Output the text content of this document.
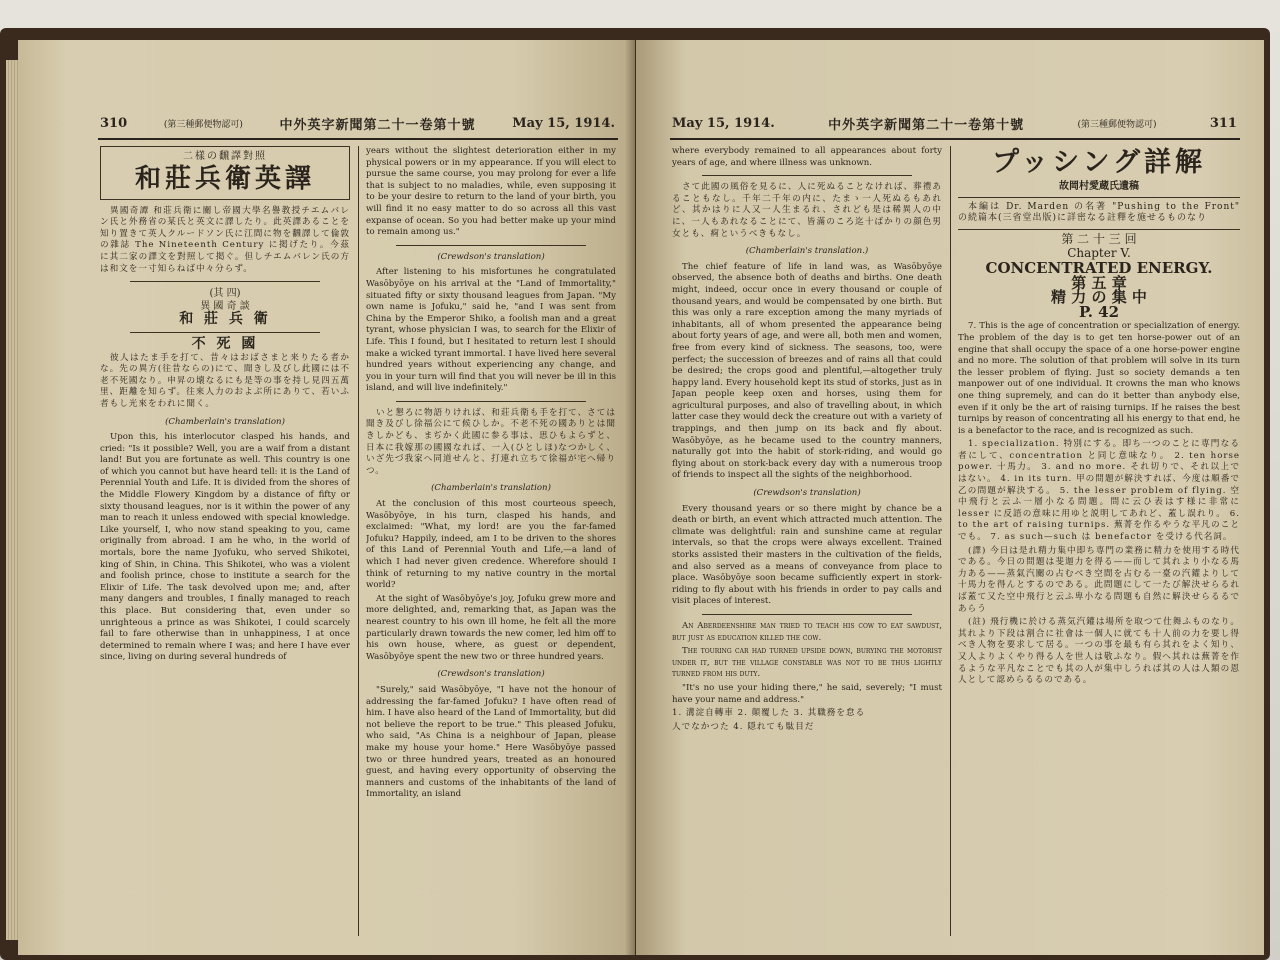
310	(第三種郵便物認可)	中外英字新聞第二十一卷第十號	May 15, 1914.
二樣の飜譯對照
和莊兵衛英譯

異國奇譚 和莊兵衛に關し帝國大學名譽教授チエムバレン氏と外務省の某氏と英文に譯したり。此英譯あることを知り置きて英人クルードソン氏に江間に物を飜譯して倫敦の雜誌 The Nineteenth Century に掲げたり。今茲に其二家の譯文を對照して掲ぐ。但しチエムバレン氏の方は和文を一寸知らねば中々分らず。

(其 四)

異 國 奇 談

和 莊 兵 衛

不 死 國

彼人はたま手を打て、昔々はおばさまと来りたる者かな。先の異方(往昔ならの)にて、聞きし及びし此國には不老不死國なり。申昇の壊なるにも是等の事を持し見四五萬里、距離を知らず。往來人力のおよぶ所にありて、若いふ者もし光來をわれに聞く。

(Chamberlain's translation)

Upon this, his interlocutor clasped his hands, and cried: "Is it possible? Well, you are a waif from a distant land! But you are fortunate as well. This country is one of which you cannot but have heard tell: it is the Land of Perennial Youth and Life. It is divided from the shores of the Middle Flowery Kingdom by a distance of fifty or sixty thousand leagues, nor is it within the power of any man to reach it unless endowed with special knowledge. Like yourself, I, who now stand speaking to you, came originally from abroad. I am he who, in the world of mortals, bore the name Jyofuku, who served Shikotei, king of Shin, in China. This Shikotei, who was a violent and foolish prince, chose to institute a search for the Elixir of Life. The task devolved upon me; and, after many dangers and troubles, I finally managed to reach this place. But considering that, even under so unrighteous a prince as was Shikotei, I could scarcely fail to fare otherwise than in unhappiness, I at once determined to remain where I was; and here I have ever since, living on during several hundreds of

years without the slightest deterioration either in my physical powers or in my appearance. If you will elect to pursue the same course, you may prolong for ever a life that is subject to no maladies, while, even supposing it to be your desire to return to the land of your birth, you will find it no easy matter to do so across all this vast expanse of ocean. So you had better make up your mind to remain among us."

(Crewdson's translation)

After listening to his misfortunes he congratulated Wasōbyōye on his arrival at the "Land of Immortality," situated fifty or sixty thousand leagues from Japan. "My own name is Jofuku," said he, "and I was sent from China by the Emperor Shiko, a foolish man and a great tyrant, whose physician I was, to search for the Elixir of Life. This I found, but I hesitated to return lest I should make a wicked tyrant immortal. I have lived here several hundred years without experiencing any change, and you in your turn will find that you will never be ill in this island, and will live indefinitely."

いと懇ろに物語りければ、和莊兵衛も手を打て、さては聞き及びし徐福公にて候ひしか。不老不死の國ありとは聞きしかども、まぢかく此國に参る事は、思ひもよらずと、日本に我嫁那の國國なれば、一入(ひとしほ)なつかしく、いざ先づ我家へ同道せんと、打連れ立ちて徐福が宅へ帰りつ。

(Chamberlain's translation)

At the conclusion of this most courteous speech, Wasōbyōye, in his turn, clasped his hands, and exclaimed: "What, my lord! are you the far-famed Jofuku? Happily, indeed, am I to be driven to the shores of this Land of Perennial Youth and Life,—a land of which I had never given credence. Wherefore should I think of returning to my native country in the mortal world?

At the sight of Wasōbyōye's joy, Jofuku grew more and more delighted, and, remarking that, as Japan was the nearest country to his own ill home, he felt all the more particularly drawn towards the new comer, led him off to his own house, where, as guest or dependent, Wasōbyōye spent the new two or three hundred years.

(Crewdson's translation)

"Surely," said Wasōbyōye, "I have not the honour of addressing the far-famed Jofuku? I have often read of him. I have also heard of the Land of Immortality, but did not believe the report to be true." This pleased Jofuku, who said, "As China is a neighbour of Japan, please make my house your home." Here Wasōbyōye passed two or three hundred years, treated as an honoured guest, and having every opportunity of observing the manners and customs of the inhabitants of the land of Immortality, an island

May 15, 1914.	中外英字新聞第二十一卷第十號	(第三種郵便物認可)	311

where everybody remained to all appearances about forty years of age, and where illness was unknown.

さて此國の風俗を見るに、人に死ぬることなければ、葬禮あることもなし。千年二千年の内に、たまゝ一人死ぬるもあれど、其かはりに人又一人生まるれ、されども是は稀異人の中に、一人もあれなることにて、皆滿のころ迄十ばかりの顔色男女とも、痾というべきもなし。

(Chamberlain's translation.)

The chief feature of life in land was, as Wasōbyōye observed, the absence both of deaths and births. One death might, indeed, occur once in every thousand or couple of thousand years, and would be compensated by one birth. But this was only a rare exception among the many myriads of inhabitants, all of whom presented the appearance being about forty years of age, and were all, both men and women, free from every kind of sickness. The seasons, too, were perfect; the succession of breezes and of rains all that could be desired; the crops good and plentiful,—altogether truly happy land. Every household kept its stud of storks, just as in Japan people keep oxen and horses, using them for agricultural purposes, and also of travelling about, in which latter case they would deck the creature out with a variety of trappings, and then jump on its back and fly about. Wasōbyōye, as he became used to the country manners, naturally got into the habit of stork-riding, and would go flying about on stork-back every day with a numerous troop of friends to inspect all the sights of the neighborhood.

(Crewdson's translation)

Every thousand years or so there might by chance be a death or birth, an event which attracted much attention. The climate was delightful: rain and sunshine came at regular intervals, so that the crops were always excellent. Trained storks assisted their masters in the cultivation of the fields, and also served as a means of conveyance from place to place. Wasōbyōye soon became sufficiently expert in stork-riding to fly about with his friends in order to pay calls and visit places of interest.

An Aberdeenshire man tried to teach his cow to eat sawdust, but just as education killed the cow.

The touring car had turned upside down, burying the motorist under it, but the village constable was not to be thus lightly turned from his duty.

"It's no use your hiding there," he said, severely; "I must have your name and address."

1. 溝淀自轉車 2. 顛覆した 3. 其職務を怠る

人でなかつた 4. 隠れても駄目だ

プッシング詳解

故岡村愛蔵氏遺稿

本編は Dr. Marden の名著 "Pushing to the Front" の続篇本(三省堂出版)に詳密なる註釋を施せるものなり

第 二 十 三 回

Chapter V.

CONCENTRATED ENERGY.

第 五 章

精 力 の 集 中

P. 42

7. This is the age of concentration or specialization of energy. The problem of the day is to get ten horse-power out of an engine that shall occupy the space of a one horse-power engine and no more. The solution of that problem will solve in its turn the lesser problem of flying. Just so society demands a ten manpower out of one individual. It crowns the man who knows one thing supremely, and can do it better than anybody else, even if it only be the art of raising turnips. If he raises the best turnips by reason of concentrating all his energy to that end, he is a benefactor to the race, and is recognized as such.

1. specialization. 特別にする。即ち一つのことに専門なる者にして、concentration と同じ意味なり。 2. ten horse power. 十馬力。 3. and no more. それ切りで、それ以上ではない。 4. in its turn. 甲の問題が解決すれば、今度は順番で乙の問題が解決する。 5. the lesser problem of flying. 空中飛行と云ふ一層小なる問題。問に云ひ表はす様に非常に lesser に反語の意味に用ゆと説明してあれど、蓋し誤れり。 6. to the art of raising turnips. 蕪菁を作るやうな平凡のことでも。 7. as such—such は benefactor を受ける代名詞。

(譯) 今日は是れ精力集中即ち専門の業務に精力を使用する時代である。今日の問題は斐迦力を得る——而して其れより小なる馬力ある——蒸氣汽關の占むべき空間を占むる一臺の汽鑵よりして十馬力を得んとするのである。此問題にして一たび解決せらるれば蓋て又た空中飛行と云ふ卑小なる問題も自然に解決せらるるであらう

(註) 飛行機に於ける蒸気汽鑵は場所を取つて仕舞ふものなり。其れより下段は割合に社會は一個人に就ても十人前の力を要し得べき人物を要求して居る。一つの事を最も有ら其れをよく知り、又人よりよくやり得る人を世人は敬ふなり。假へ其れは蕪菁を作るような平凡なことでも其の人が集中しうれば其の人は人類の恩人として認めらるるのである。
